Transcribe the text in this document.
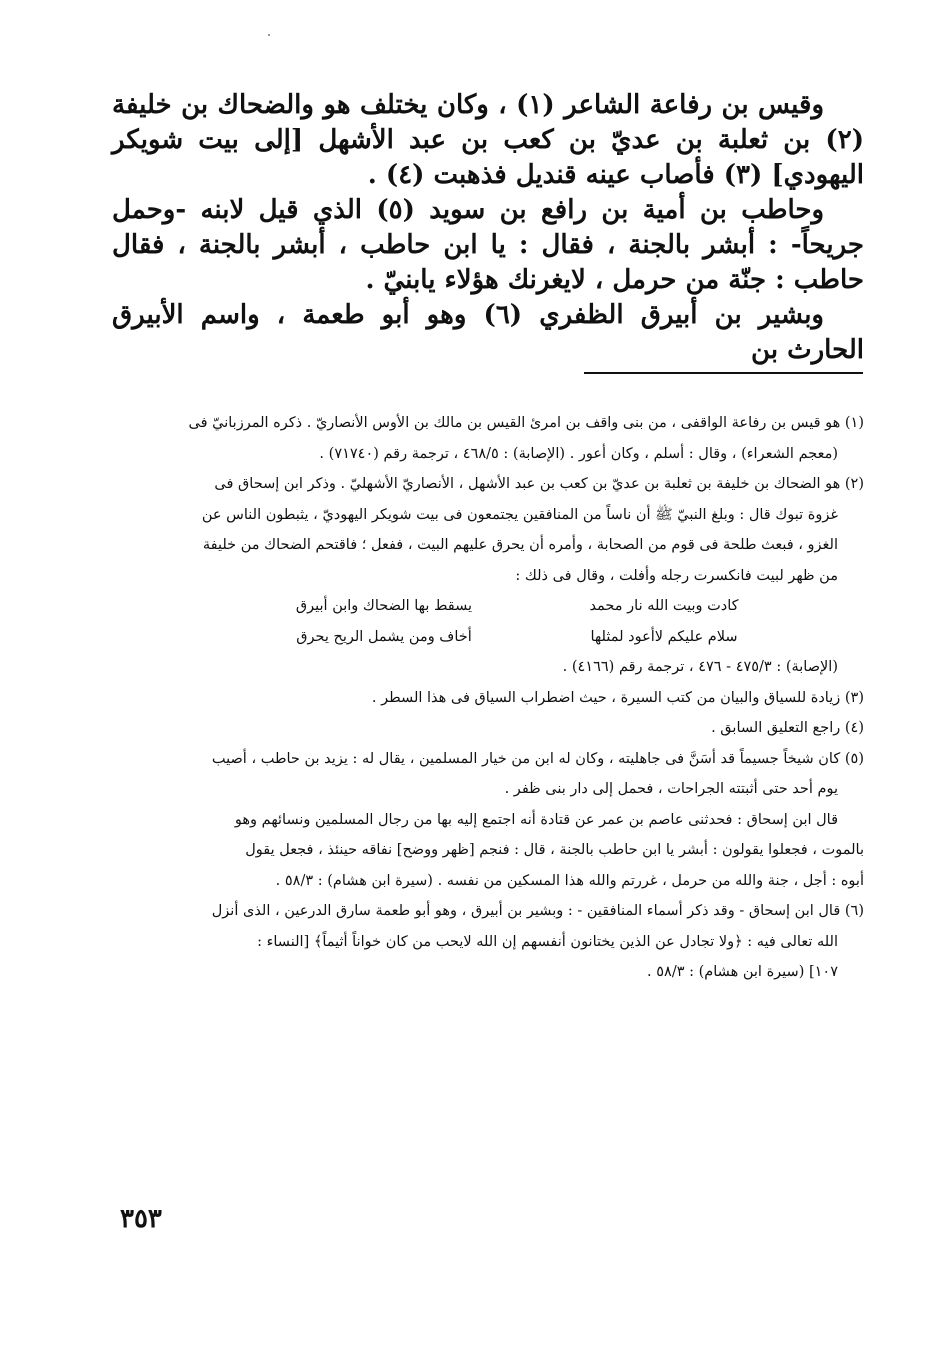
وقيس بن رفاعة الشاعر (١) ، وكان يختلف هو والضحاك بن خليفة (٢) بن ثعلبة بن عديّ بن كعب بن عبد الأشهل [إلى بيت شويكر اليهودي] (٣) فأصاب عينه قنديل فذهبت (٤) .

وحاطب بن أمية بن رافع بن سويد (٥) الذي قيل لابنه -وحمل جريحاً- : أبشر بالجنة ، فقال : يا ابن حاطب ، أبشر بالجنة ، فقال حاطب : جنّة من حرمل ، لايغرنك هؤلاء يابنيّ .

وبشير بن أبيرق الظفري (٦) وهو أبو طعمة ، واسم الأبيرق الحارث بن

(١) هو قيس بن رفاعة الواقفى ، من بنى واقف بن امرئ القيس بن مالك بن الأوس الأنصاريّ . ذكره المرزبانيّ فى

(معجم الشعراء) ، وقال : أسلم ، وكان أعور . (الإصابة) : ٤٦٨/٥ ، ترجمة رقم (٧١٧٤٠) .

(٢) هو الضحاك بن خليفة بن ثعلبة بن عديّ بن كعب بن عبد الأشهل ، الأنصاريّ الأشهليّ . وذكر ابن إسحاق فى

غزوة تبوك قال : وبلغ النبيّ ﷺ أن ناساً من المنافقين يجتمعون فى بيت شويكر اليهوديّ ، يثبطون الناس عن

الغزو ، فبعث طلحة فى قوم من الصحابة ، وأمره أن يحرق عليهم البيت ، ففعل ؛ فاقتحم الضحاك من خليفة

من ظهر لبيت فانكسرت رجله وأفلت ، وقال فى ذلك :

كادت وبيت الله نار محمد
يسقط بها الضحاك وابن أبيرق
سلام عليكم لاأعود لمثلها
أخاف ومن يشمل الريح يحرق

(الإصابة) : ٤٧٥/٣ - ٤٧٦ ، ترجمة رقم (٤١٦٦) .

(٣) زيادة للسياق والبيان من كتب السيرة ، حيث اضطراب السياق فى هذا السطر .

(٤) راجع التعليق السابق .

(٥) كان شيخاً جسيماً قد أسَنَّ فى جاهليته ، وكان له ابن من خيار المسلمين ، يقال له : يزيد بن حاطب ، أصيب

يوم أحد حتى أثبتته الجراحات ، فحمل إلى دار بنى ظفر .

قال ابن إسحاق : فحدثنى عاصم بن عمر عن قتادة أنه اجتمع إليه بها من رجال المسلمين ونسائهم وهو

بالموت ، فجعلوا يقولون : أبشر يا ابن حاطب بالجنة ، قال : فنجم [ظهر ووضح] نفاقه حينئذ ، فجعل يقول

أبوه : أجل ، جنة والله من حرمل ، غررتم والله هذا المسكين من نفسه . (سيرة ابن هشام) : ٥٨/٣ .

(٦) قال ابن إسحاق - وقد ذكر أسماء المنافقين - : وبشير بن أبيرق ، وهو أبو طعمة سارق الدرعين ، الذى أنزل

الله تعالى فيه : ﴿ولا تجادل عن الذين يختانون أنفسهم إن الله لايحب من كان خواناً أثيماً﴾ [النساء :

١٠٧] (سيرة ابن هشام) : ٥٨/٣ .

٣٥٣
